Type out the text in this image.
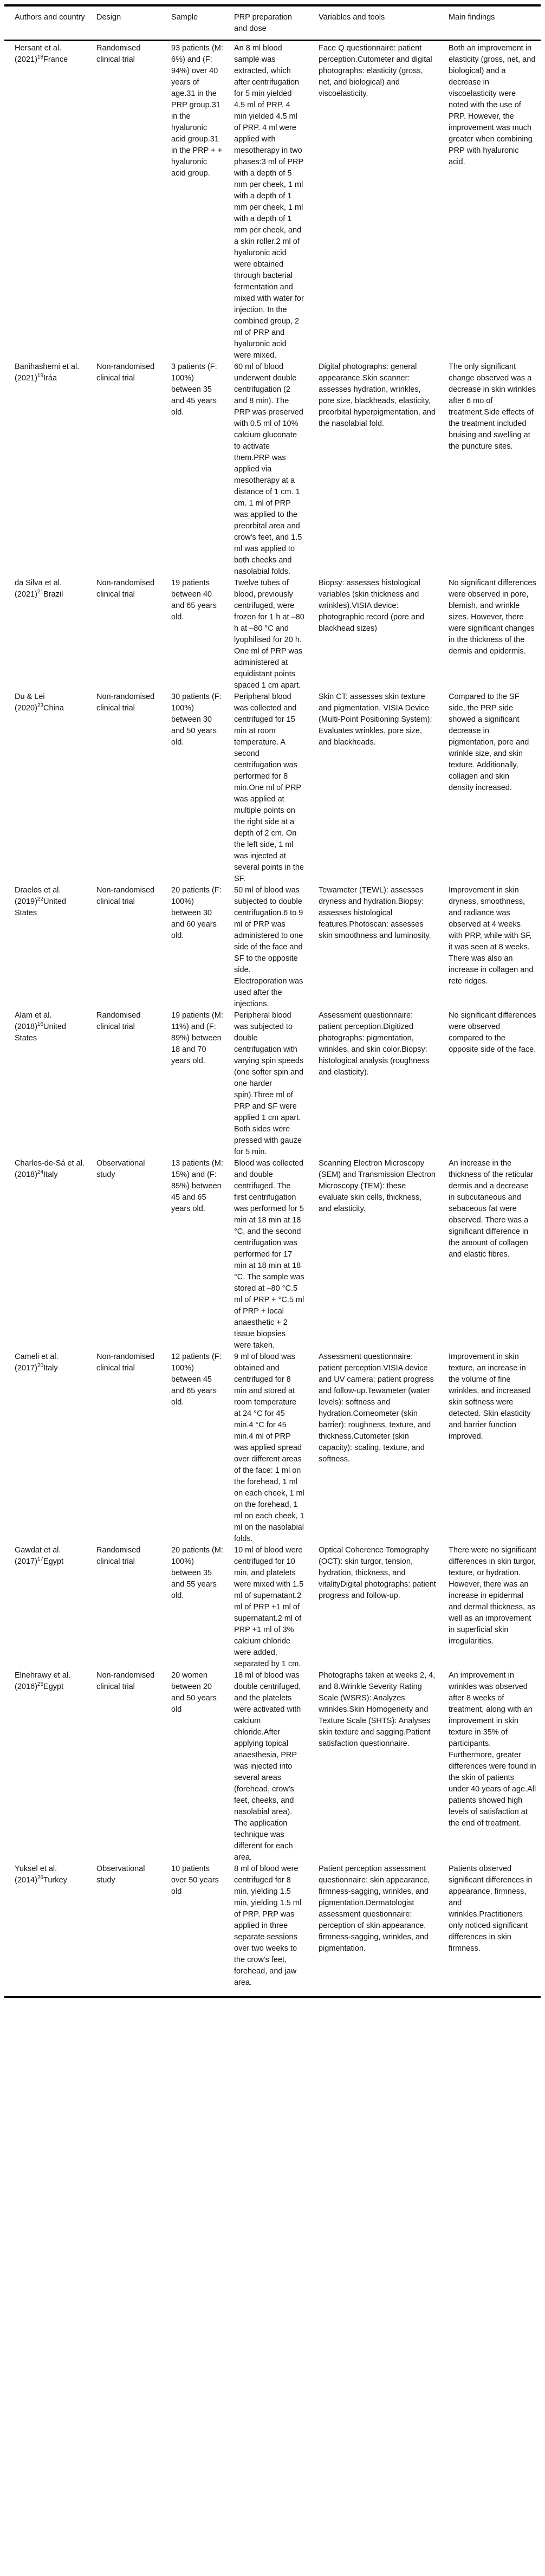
Authors and country	Design	Sample	PRP preparation and dose	Variables and tools	Main findings
Hersant et al. (2021)$^{18}$France	Randomised clinical trial	93 patients (M: 6%) and (F: 94%) over 40 years of age.31 in the PRP group.31 in the hyaluronic acid group.31 in the PRP + + hyaluronic acid group.	An 8 ml blood sample was extracted, which after centrifugation for 5 min yielded 4.5 ml of PRP. 4 min yielded 4.5 ml of PRP. 4 ml were applied with mesotherapy in two phases:3 ml of PRP with a depth of 5 mm per cheek, 1 ml with a depth of 1 mm per cheek, 1 ml with a depth of 1 mm per cheek, and a skin roller.2 ml of hyaluronic acid were obtained through bacterial fermentation and mixed with water for injection. In the combined group, 2 ml of PRP and hyaluronic acid were mixed.	Face Q questionnaire: patient perception.Cutometer and digital photographs: elasticity (gross, net, and biological) and viscoelasticity.	Both an improvement in elasticity (gross, net, and biological) and a decrease in viscoelasticity were noted with the use of PRP. However, the improvement was much greater when combining PRP with hyaluronic acid.
Banihashemi et al. (2021)$^{19}$Iráa	Non-randomised clinical trial	3 patients (F: 100%) between 35 and 45 years old.	60 ml of blood underwent double centrifugation (2 and 8 min). The PRP was preserved with 0.5 ml of 10% calcium gluconate to activate them.PRP was applied via mesotherapy at a distance of 1 cm. 1 cm. 1 ml of PRP was applied to the preorbital area and crow's feet, and 1.5 ml was applied to both cheeks and nasolabial folds.	Digital photographs: general appearance.Skin scanner: assesses hydration, wrinkles, pore size, blackheads, elasticity, preorbital hyperpigmentation, and the nasolabial fold.	The only significant change observed was a decrease in skin wrinkles after 6 mo of treatment.Side effects of the treatment included bruising and swelling at the puncture sites.
da Silva et al. (2021)$^{21}$Brazil	Non-randomised clinical trial	19 patients between 40 and 65 years old.	Twelve tubes of blood, previously centrifuged, were frozen for 1 h at –80 h at –80 °C and lyophilised for 20 h. One ml of PRP was administered at equidistant points spaced 1 cm apart.	Biopsy: assesses histological variables (skin thickness and wrinkles).VISIA device: photographic record (pore and blackhead sizes)	No significant differences were observed in pore, blemish, and wrinkle sizes. However, there were significant changes in the thickness of the dermis and epidermis.
Du & Lei (2020)$^{23}$China	Non-randomised clinical trial	30 patients (F: 100%) between 30 and 50 years old.	Peripheral blood was collected and centrifuged for 15 min at room temperature. A second centrifugation was performed for 8 min.One ml of PRP was applied at multiple points on the right side at a depth of 2 cm. On the left side, 1 ml was injected at several points in the SF.	Skin CT: assesses skin texture and pigmentation. VISIA Device (Multi-Point Positioning System): Evaluates wrinkles, pore size, and blackheads.	Compared to the SF side, the PRP side showed a significant decrease in pigmentation, pore and wrinkle size, and skin texture. Additionally, collagen and skin density increased.
Draelos et al. (2019)$^{22}$United States	Non-randomised clinical trial	20 patients (F: 100%) between 30 and 60 years old.	50 ml of blood was subjected to double centrifugation.6 to 9 ml of PRP was administered to one side of the face and SF to the opposite side. Electroporation was used after the injections.	Tewameter (TEWL): assesses dryness and hydration.Biopsy: assesses histological features.Photoscan: assesses skin smoothness and luminosity.	Improvement in skin dryness, smoothness, and radiance was observed at 4 weeks with PRP, while with SF, it was seen at 8 weeks. There was also an increase in collagen and rete ridges.
Alam et al. (2018)$^{16}$United States	Randomised clinical trial	19 patients (M: 11%) and (F: 89%) between 18 and 70 years old.	Peripheral blood was subjected to double centrifugation with varying spin speeds (one softer spin and one harder spin).Three ml of PRP and SF were applied 1 cm apart. Both sides were pressed with gauze for 5 min.	Assessment questionnaire: patient perception.Digitized photographs: pigmentation, wrinkles, and skin color.Biopsy: histological analysis (roughness and elasticity).	No significant differences were observed compared to the opposite side of the face.
Charles-de-Sá et al. (2018)$^{24}$Italy	Observational study	13 patients (M: 15%) and (F: 85%) between 45 and 65 years old.	Blood was collected and double centrifuged. The first centrifugation was performed for 5 min at 18 min at 18 °C, and the second centrifugation was performed for 17 min at 18 min at 18 °C. The sample was stored at –80 °C.5 ml of PRP + °C.5 ml of PRP + local anaesthetic + 2 tissue biopsies were taken.	Scanning Electron Microscopy (SEM) and Transmission Electron Microscopy (TEM): these evaluate skin cells, thickness, and elasticity.	An increase in the thickness of the reticular dermis and a decrease in subcutaneous and sebaceous fat were observed. There was a significant difference in the amount of collagen and elastic fibres.
Cameli et al. (2017)$^{20}$Italy	Non-randomised clinical trial	12 patients (F: 100%) between 45 and 65 years old.	9 ml of blood was obtained and centrifuged for 8 min and stored at room temperature at 24 °C for 45 min.4 °C for 45 min.4 ml of PRP was applied spread over different areas of the face: 1 ml on the forehead, 1 ml on each cheek, 1 ml on the forehead, 1 ml on each cheek, 1 ml on the nasolabial folds.	Assessment questionnaire: patient perception.VISIA device and UV camera: patient progress and follow-up.Tewameter (water levels): softness and hydration.Corneometer (skin barrier): roughness, texture, and thickness.Cutometer (skin capacity): scaling, texture, and softness.	Improvement in skin texture, an increase in the volume of fine wrinkles, and increased skin softness were detected. Skin elasticity and barrier function improved.
Gawdat et al. (2017)$^{17}$Egypt	Randomised clinical trial	20 patients (M: 100%) between 35 and 55 years old.	10 ml of blood were centrifuged for 10 min, and platelets were mixed with 1.5 ml of supernatant.2 ml of PRP +1 ml of supernatant.2 ml of PRP +1 ml of 3% calcium chloride were added, separated by 1 cm.	Optical Coherence Tomography (OCT): skin turgor, tension, hydration, thickness, and vitalityDigital photographs: patient progress and follow-up.	There were no significant differences in skin turgor, texture, or hydration. However, there was an increase in epidermal and dermal thickness, as well as an improvement in superficial skin irregularities.
Elnehrawy et al. (2016)$^{25}$Egypt	Non-randomised clinical trial	20 women between 20 and 50 years old	18 ml of blood was double centrifuged, and the platelets were activated with calcium chloride.After applying topical anaesthesia, PRP was injected into several areas (forehead, crow's feet, cheeks, and nasolabial area). The application technique was different for each area.	Photographs taken at weeks 2, 4, and 8.Wrinkle Severity Rating Scale (WSRS): Analyzes wrinkles.Skin Homogeneity and Texture Scale (SHTS): Analyses skin texture and sagging.Patient satisfaction questionnaire.	An improvement in wrinkles was observed after 8 weeks of treatment, along with an improvement in skin texture in 35% of participants. Furthermore, greater differences were found in the skin of patients under 40 years of age.All patients showed high levels of satisfaction at the end of treatment.
Yuksel et al. (2014)$^{26}$Turkey	Observational study	10 patients over 50 years old	8 ml of blood were centrifuged for 8 min, yielding 1.5 min, yielding 1.5 ml of PRP. PRP was applied in three separate sessions over two weeks to the crow's feet, forehead, and jaw area.	Patient perception assessment questionnaire: skin appearance, firmness-sagging, wrinkles, and pigmentation.Dermatologist assessment questionnaire: perception of skin appearance, firmness-sagging, wrinkles, and pigmentation.	Patients observed significant differences in appearance, firmness, and wrinkles.Practitioners only noticed significant differences in skin firmness.
